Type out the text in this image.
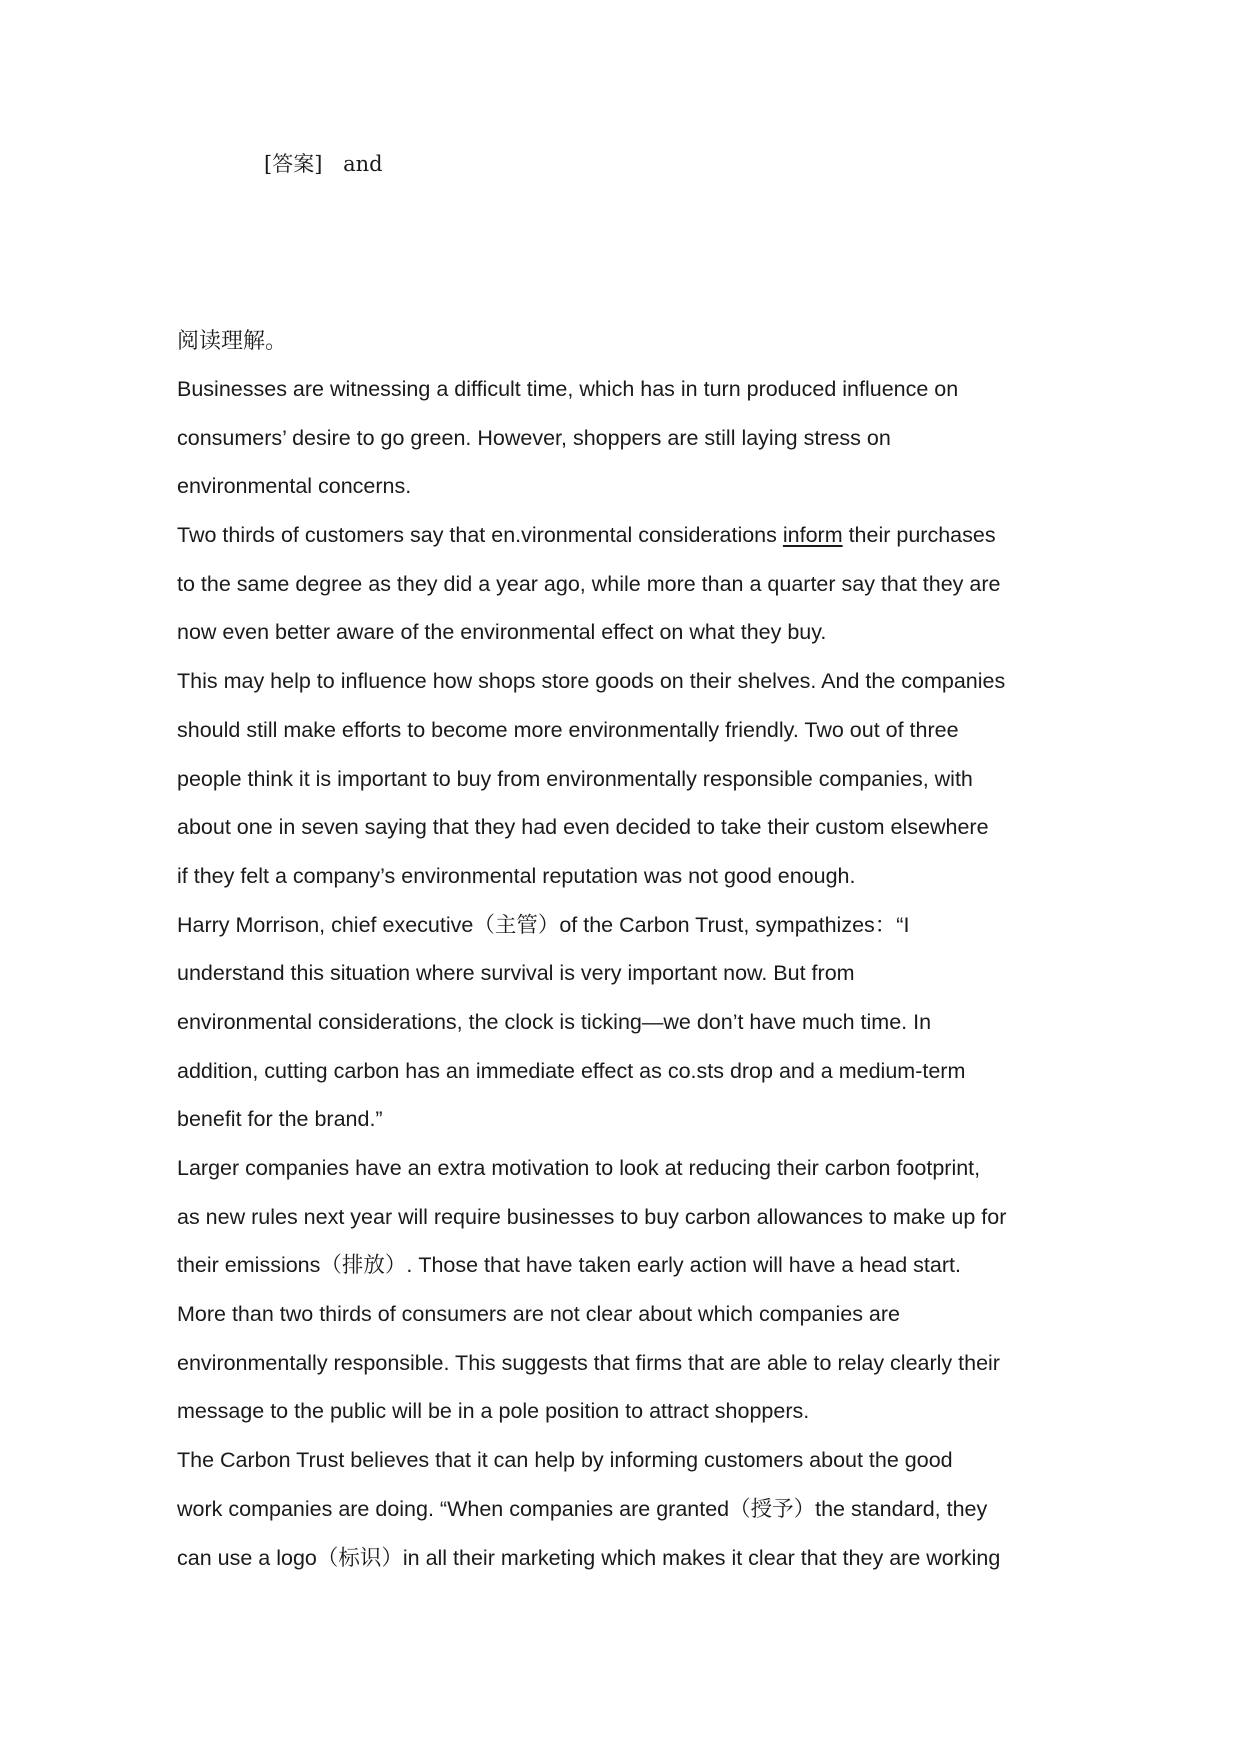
[答案] and
阅读理解。
Businesses are witnessing a difficult time, which has in turn produced influence on
consumers’ desire to go green. However, shoppers are still laying stress on
environmental concerns.
Two thirds of customers say that en.vironmental considerations inform their purchases
to the same degree as they did a year ago, while more than a quarter say that they are
now even better aware of the environmental effect on what they buy.
This may help to influence how shops store goods on their shelves. And the companies
should still make efforts to become more environmentally friendly. Two out of three
people think it is important to buy from environmentally responsible companies, with
about one in seven saying that they had even decided to take their custom elsewhere
if they felt a company’s environmental reputation was not good enough.
Harry Morrison, chief executive（主管）of the Carbon Trust, sympathizes：“I
understand this situation where survival is very important now. But from
environmental considerations, the clock is ticking—we don’t have much time. In
addition, cutting carbon has an immediate effect as co.sts drop and a medium-term
benefit for the brand.”
Larger companies have an extra motivation to look at reducing their carbon footprint,
as new rules next year will require businesses to buy carbon allowances to make up for
their emissions（排放）. Those that have taken early action will have a head start.
More than two thirds of consumers are not clear about which companies are
environmentally responsible. This suggests that firms that are able to relay clearly their
message to the public will be in a pole position to attract shoppers.
The Carbon Trust believes that it can help by informing customers about the good
work companies are doing. “When companies are granted（授予）the standard, they
can use a logo（标识）in all their marketing which makes it clear that they are working
